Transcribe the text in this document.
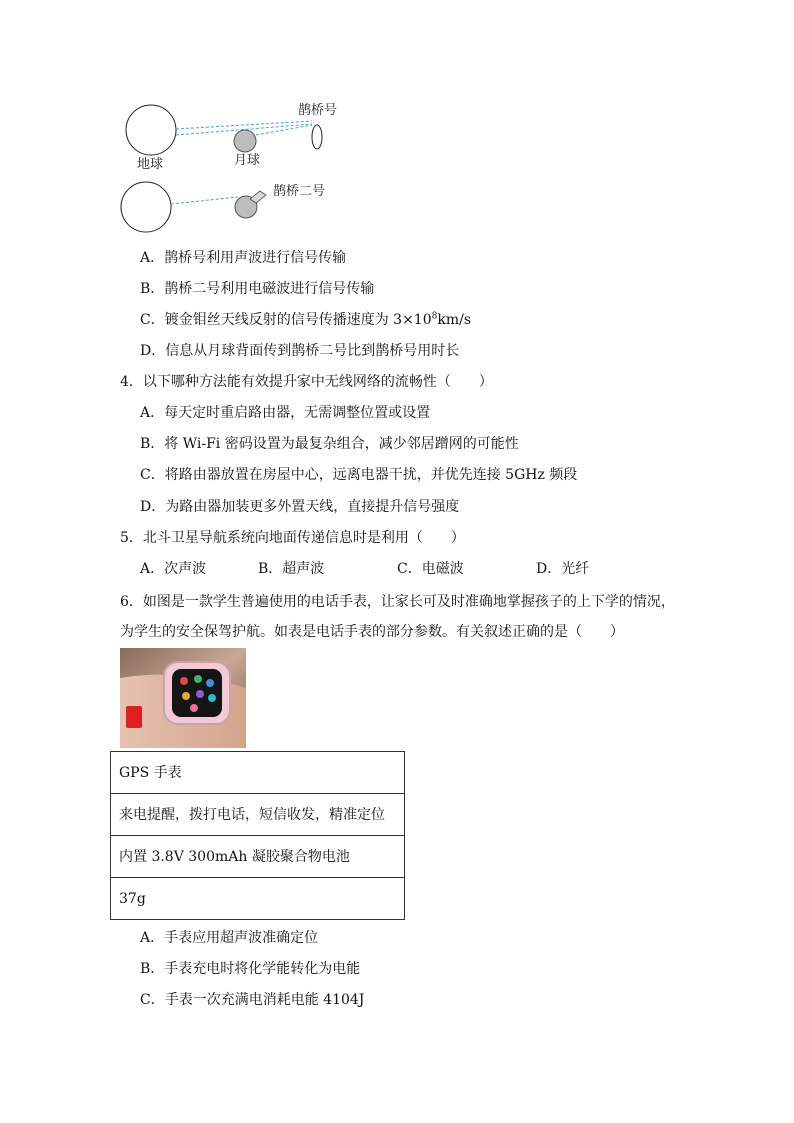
鹊桥号
地球	月球
鹊桥二号
A．鹊桥号利用声波进行信号传输
B．鹊桥二号利用电磁波进行信号传输
C．镀金钼丝天线反射的信号传播速度为 $3\times 10^8km/s$
D．信息从月球背面传到鹊桥二号比到鹊桥号用时长
4．以下哪种方法能有效提升家中无线网络的流畅性（　　）
A．每天定时重启路由器，无需调整位置或设置
B．将 Wi-Fi 密码设置为最复杂组合，减少邻居蹭网的可能性
C．将路由器放置在房屋中心，远离电器干扰，并优先连接 5GHz 频段
D．为路由器加装更多外置天线，直接提升信号强度
5．北斗卫星导航系统向地面传递信息时是利用（　　）
A．次声波	B．超声波	C．电磁波	D．光纤
6．如图是一款学生普遍使用的电话手表，让家长可及时准确地掌握孩子的上下学的情况，
为学生的安全保驾护航。如表是电话手表的部分参数。有关叙述正确的是（　　）
GPS 手表
来电提醒，拨打电话，短信收发，精准定位
内置 3.8V 300mAh 凝胶聚合物电池
37g
A．手表应用超声波准确定位
B．手表充电时将化学能转化为电能
C．手表一次充满电消耗电能 4104J
